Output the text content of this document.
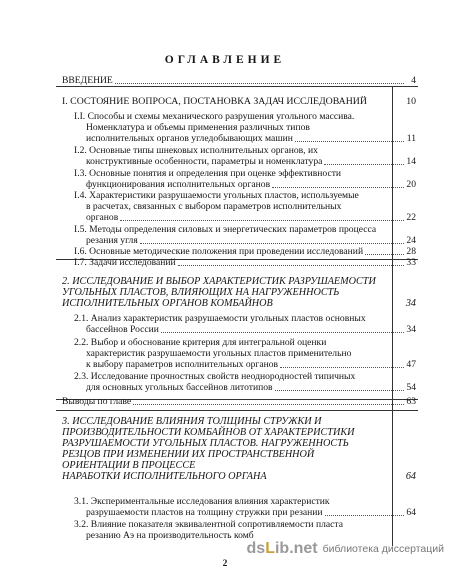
ОГЛАВЛЕНИЕ
ВВЕДЕНИЕ	4
I. СОСТОЯНИЕ ВОПРОСА, ПОСТАНОВКА ЗАДАЧ ИССЛЕДОВАНИЙ	10
I.I. Способы и схемы механического разрушения угольного массива.
Номенклатура и объемы применения различных типов
исполнительных органов угледобывающих машин	11
I.2. Основные типы шнековых исполнительных органов, их
конструктивные особенности, параметры и номенклатура	14
I.3. Основные понятия и определения при оценке эффективности
функционирования исполнительных органов	20
I.4. Характеристики разрушаемости угольных пластов, используемые
в расчетах, связанных с выбором параметров исполнительных
органов	22
I.5. Методы определения силовых и энергетических параметров процесса
резания угля	24
I.6. Основные методические положения при проведении исследований	28
I.7. Задачи исследований	33
2. ИССЛЕДОВАНИЕ И ВЫБОР ХАРАКТЕРИСТИК РАЗРУШАЕМОСТИ
УГОЛЬНЫХ ПЛАСТОВ, ВЛИЯЮЩИХ НА НАГРУЖЕННОСТЬ
ИСПОЛНИТЕЛЬНЫХ ОРГАНОВ КОМБАЙНОВ	34
2.1. Анализ характеристик разрушаемости угольных пластов основных
бассейнов России	34
2.2. Выбор и обоснование критерия для интегральной оценки
характеристик разрушаемости угольных пластов применительно
к выбору параметров исполнительных органов	47
2.3. Исследование прочностных свойств неоднородностей типичных
для основных угольных бассейнов литотипов	54
Выводы по главе	63
3. ИССЛЕДОВАНИЕ ВЛИЯНИЯ ТОЛЩИНЫ СТРУЖКИ И
ПРОИЗВОДИТЕЛЬНОСТИ КОМБАЙНОВ ОТ ХАРАКТЕРИСТИКИ
РАЗРУШАЕМОСТИ УГОЛЬНЫХ ПЛАСТОВ. НАГРУЖЕННОСТЬ
РЕЗЦОВ ПРИ ИЗМЕНЕНИИ ИХ ПРОСТРАНСТВЕННОЙ
ОРИЕНТАЦИИ В ПРОЦЕССЕ
НАРАБОТКИ ИСПОЛНИТЕЛЬНОГО ОРГАНА	64
3.1. Экспериментальные исследования влияния характеристик
разрушаемости пластов на толщину стружки при резании	64
3.2. Влияние показателя эквивалентной сопротивляемости пласта
резанию Аэ на производительность комб
2
dsLib.net библиотека диссертаций
